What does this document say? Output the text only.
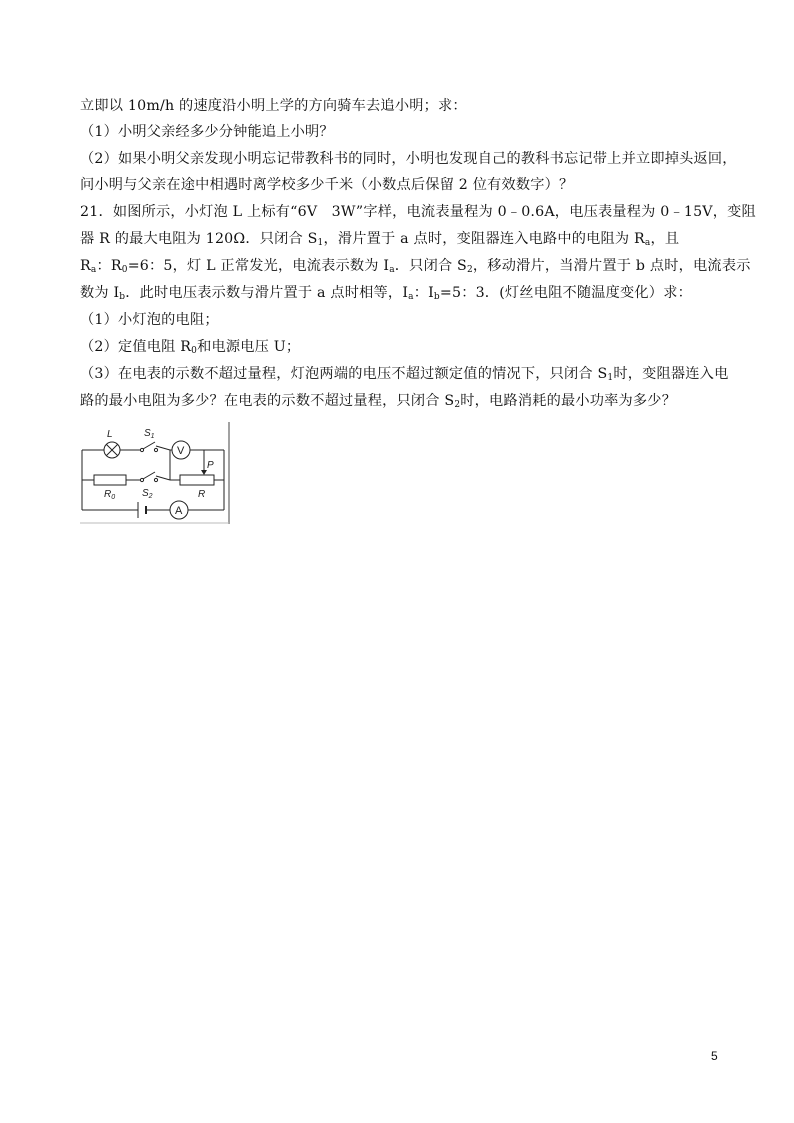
立即以 10m/h 的速度沿小明上学的方向骑车去追小明；求：
（1）小明父亲经多少分钟能追上小明？
（2）如果小明父亲发现小明忘记带教科书的同时，小明也发现自己的教科书忘记带上并立即掉头返回，
问小明与父亲在途中相遇时离学校多少千米（小数点后保留 2 位有效数字）？
21．如图所示，小灯泡 L 上标有“6V　3W”字样，电流表量程为 0﹣0.6A，电压表量程为 0﹣15V，变阻
器 R 的最大电阻为 120Ω．只闭合 $S_1$，滑片置于 a 点时，变阻器连入电路中的电阻为 $R_a$，且
$R_a$：$R_0=6$：5，灯 L 正常发光，电流表示数为 $I_a$．只闭合 $S_2$，移动滑片，当滑片置于 b 点时，电流表示
数为 $I_b$．此时电压表示数与滑片置于 a 点时相等，$I_a$：$I_b=5$：3．(灯丝电阻不随温度变化）求：
（1）小灯泡的电阻；
（2）定值电阻 $R_0$和电源电压 U；
（3）在电表的示数不超过量程，灯泡两端的电压不超过额定值的情况下，只闭合 $S_1$时，变阻器连入电
路的最小电阻为多少？在电表的示数不超过量程，只闭合 $S_2$时，电路消耗的最小功率为多少？
L	$S_1$
V
$R_0$	$S_2$
P
R
A
5
